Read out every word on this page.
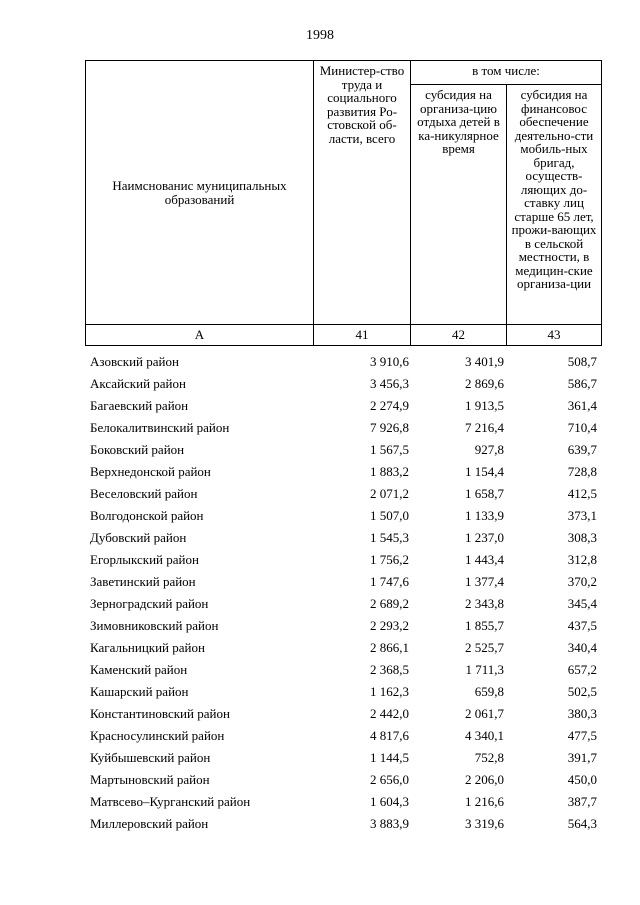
1998
Наимснованис муниципальных образований	Министер-ство труда и социального развития Ро-стовской об-ласти, всего	в том числе:	
		субсидия на организа-цию отдыха детей в ка-никулярное время	субсидия на финансовос обеспечение деятельно-сти мобиль-ных бригад, осуществ-ляющих до-ставку лиц старше 65 лет, прожи-вающих в сельской местности, в медицин-ские организа-ции
А	41	42	43
Азовский район	3 910,6	3 401,9	508,7
Аксайский район	3 456,3	2 869,6	586,7
Багаевский район	2 274,9	1 913,5	361,4
Белокалитвинский район	7 926,8	7 216,4	710,4
Боковский район	1 567,5	927,8	639,7
Верхнедонской район	1 883,2	1 154,4	728,8
Веселовский район	2 071,2	1 658,7	412,5
Волгодонской район	1 507,0	1 133,9	373,1
Дубовский район	1 545,3	1 237,0	308,3
Егорлыкский район	1 756,2	1 443,4	312,8
Заветинский район	1 747,6	1 377,4	370,2
Зерноградский район	2 689,2	2 343,8	345,4
Зимовниковский район	2 293,2	1 855,7	437,5
Кагальницкий район	2 866,1	2 525,7	340,4
Каменский район	2 368,5	1 711,3	657,2
Кашарский район	1 162,3	659,8	502,5
Константиновский район	2 442,0	2 061,7	380,3
Красносулинский район	4 817,6	4 340,1	477,5
Куйбышевский район	1 144,5	752,8	391,7
Мартыновский район	2 656,0	2 206,0	450,0
Матвсево–Курганский район	1 604,3	1 216,6	387,7
Миллеровский район	3 883,9	3 319,6	564,3
